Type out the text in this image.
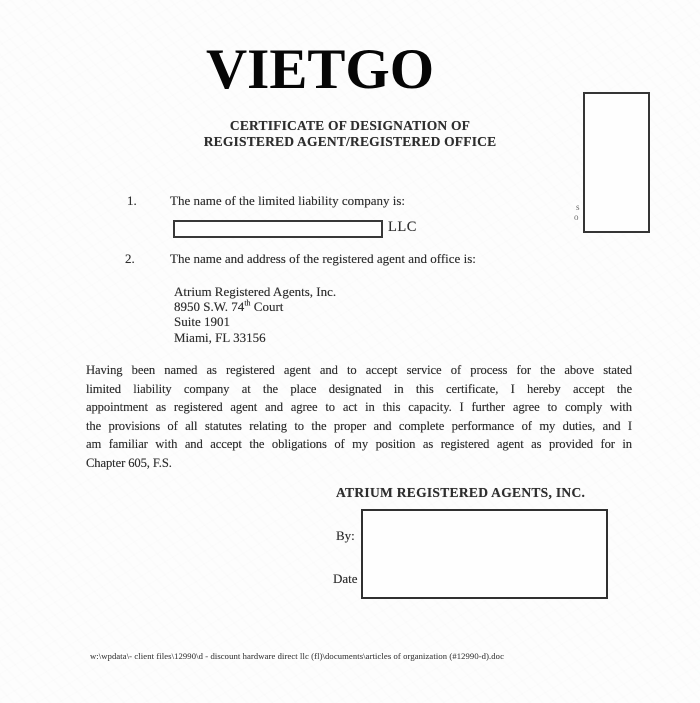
VIETGO
CERTIFICATE OF DESIGNATION OF
REGISTERED AGENT/REGISTERED OFFICE
s
o
1.	The name of the limited liability company is:
LLC
2.	The name and address of the registered agent and office is:
Atrium Registered Agents, Inc.
8950 S.W. 74th Court
Suite 1901
Miami, FL 33156
Having been named as registered agent and to accept service of process for the above stated
limited liability company at the place designated in this certificate, I hereby accept the
appointment as registered agent and agree to act in this capacity. I further agree to comply with
the provisions of all statutes relating to the proper and complete performance of my duties, and I
am familiar with and accept the obligations of my position as registered agent as provided for in
Chapter 605, F.S.
ATRIUM REGISTERED AGENTS, INC.
By:
Date
w:\wpdata\- client files\12990\d - discount hardware direct llc (fl)\documents\articles of organization (#12990-d).doc
